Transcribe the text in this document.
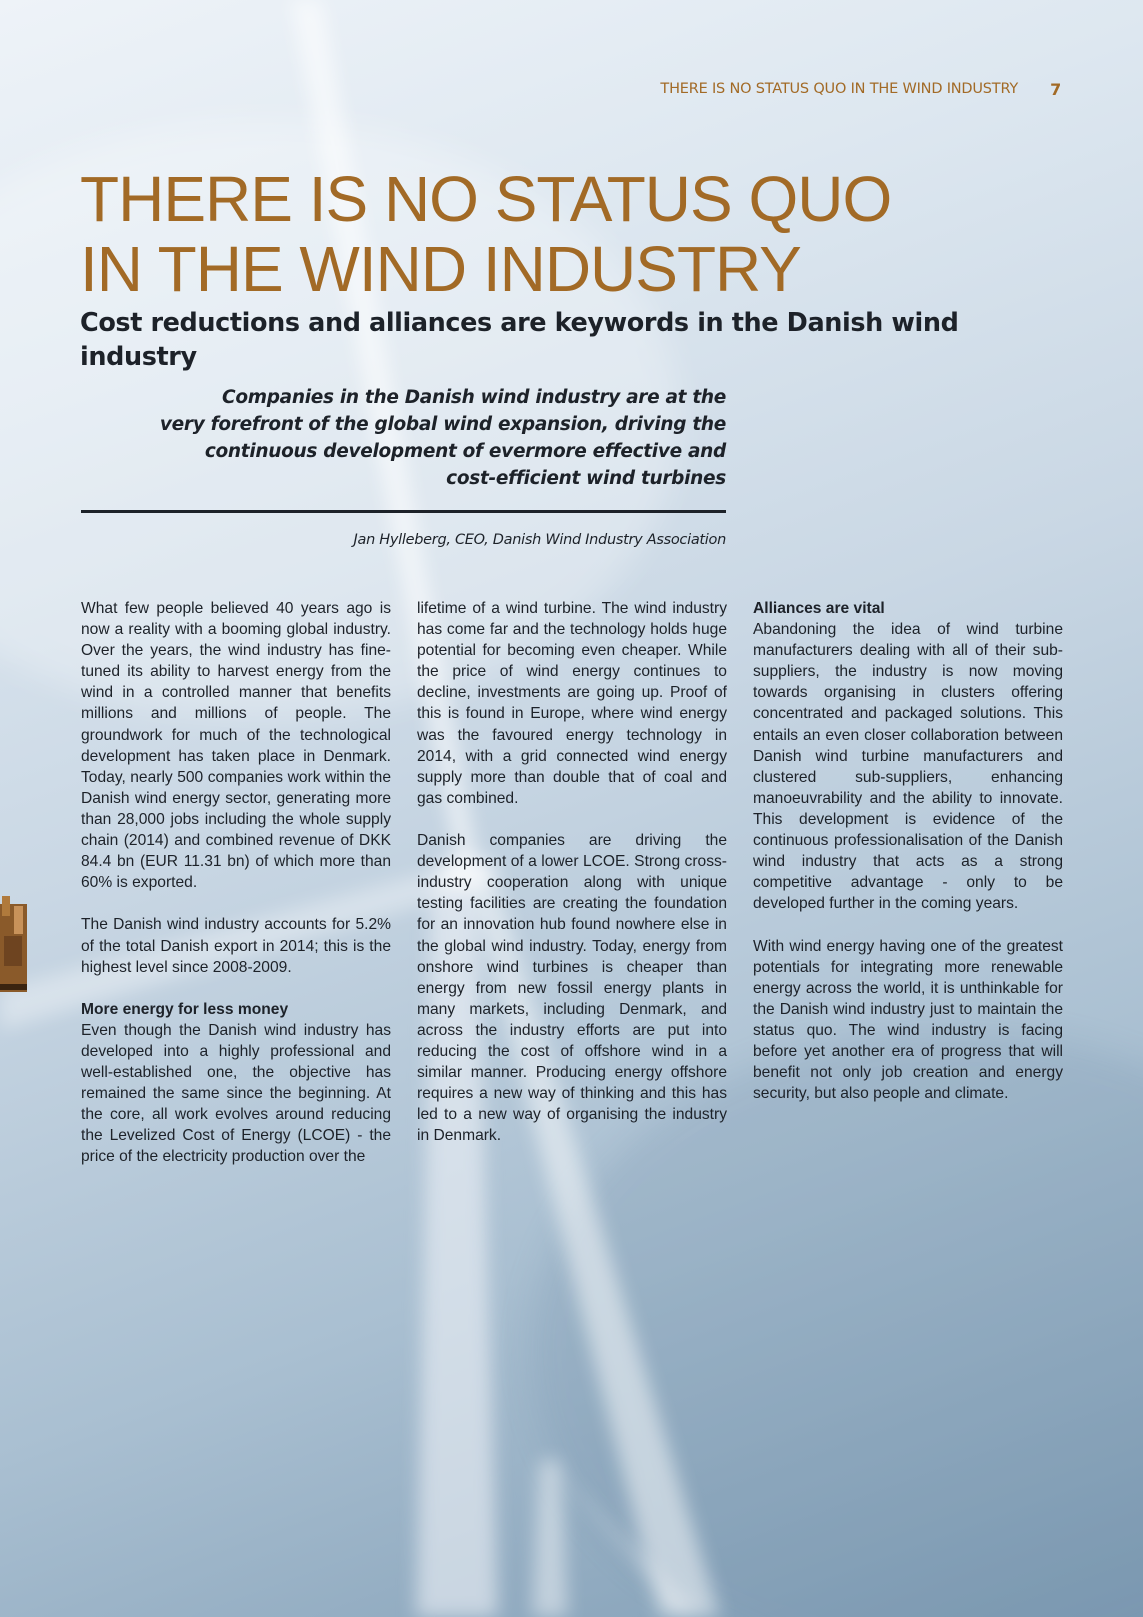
THERE IS NO STATUS QUO IN THE WIND INDUSTRY 7
THERE IS NO STATUS QUO
IN THE WIND INDUSTRY
Cost reductions and alliances are keywords in the Danish wind industry

Companies in the Danish wind industry are at the
very forefront of the global wind expansion, driving the
continuous development of evermore effective and
cost-efficient wind turbines

Jan Hylleberg, CEO, Danish Wind Industry Association

What few people believed 40 years ago is now a reality with a booming global industry. Over the years, the wind industry has fine-tuned its ability to harvest energy from the wind in a controlled manner that benefits millions and millions of people. The groundwork for much of the technological development has taken place in Denmark. Today, nearly 500 companies work within the Danish wind energy sector, generating more than 28,000 jobs including the whole supply chain (2014) and combined revenue of DKK 84.4 bn (EUR 11.31 bn) of which more than 60% is exported.

The Danish wind industry accounts for 5.2% of the total Danish export in 2014; this is the highest level since 2008-2009.

More energy for less money

Even though the Danish wind industry has developed into a highly professional and well-established one, the objective has remained the same since the beginning. At the core, all work evolves around reducing the Levelized Cost of Energy (LCOE) - the price of the electricity production over the

lifetime of a wind turbine. The wind industry has come far and the technology holds huge potential for becoming even cheaper. While the price of wind energy continues to decline, investments are going up. Proof of this is found in Europe, where wind energy was the favoured energy technology in 2014, with a grid connected wind energy supply more than double that of coal and gas combined.

Danish companies are driving the development of a lower LCOE. Strong cross-industry cooperation along with unique testing facilities are creating the foundation for an innovation hub found nowhere else in the global wind industry. Today, energy from onshore wind turbines is cheaper than energy from new fossil energy plants in many markets, including Denmark, and across the industry efforts are put into reducing the cost of offshore wind in a similar manner. Producing energy offshore requires a new way of thinking and this has led to a new way of organising the industry in Denmark.

Alliances are vital

Abandoning the idea of wind turbine manufacturers dealing with all of their sub-suppliers, the industry is now moving towards organising in clusters offering concentrated and packaged solutions. This entails an even closer collaboration between Danish wind turbine manufacturers and clustered sub-suppliers, enhancing manoeuvrability and the ability to innovate. This development is evidence of the continuous professionalisation of the Danish wind industry that acts as a strong competitive advantage - only to be developed further in the coming years.

With wind energy having one of the greatest potentials for integrating more renewable energy across the world, it is unthinkable for the Danish wind industry just to maintain the status quo. The wind industry is facing before yet another era of progress that will benefit not only job creation and energy security, but also people and climate.
